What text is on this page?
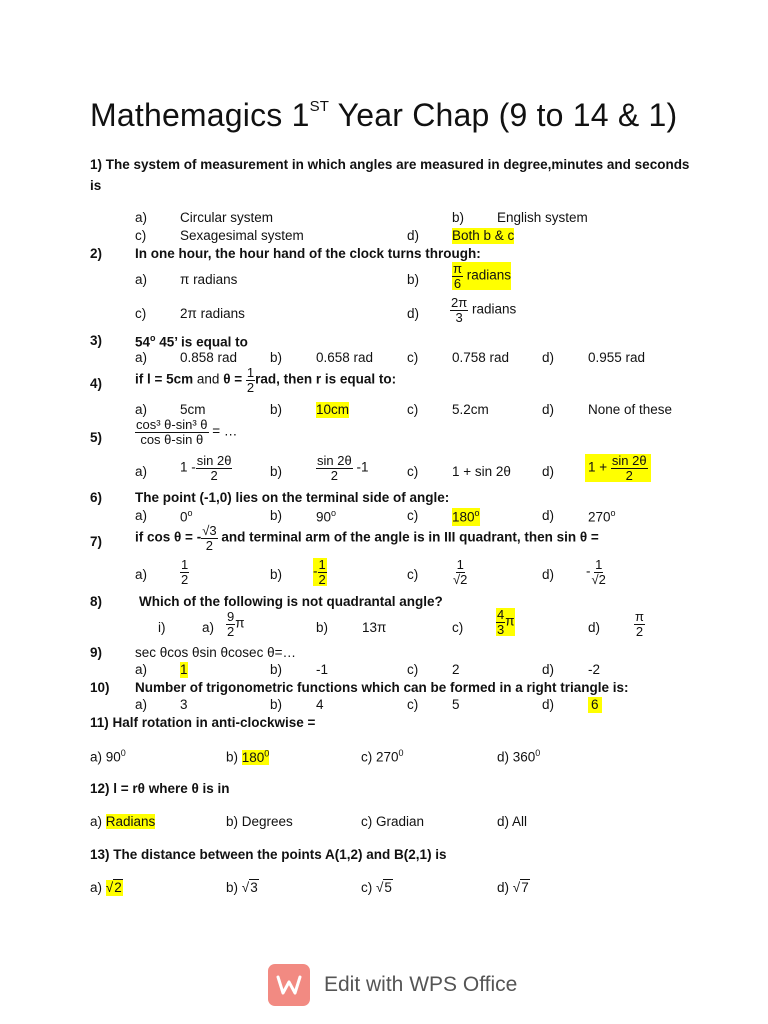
Mathemagics 1ST Year Chap (9 to 14 & 1)
1) The system of measurement in which angles are measured in degree,minutes and seconds
is
a) Circular system	b) English system
c)	Sexagesimal system	d) Both b & c
2) In one hour, the hour hand of the clock turns through:
a) π radians	b)	$\frac{\pi}{6}$ radians
c)	2π radians	$d) \frac{2\pi}{3}$ radians
3) 54$^o$ 45’ is equal to
a) 0.858 rad b)	0.658 rad	c)	0.758 rad d)	0.955 rad
4) if l = 5cm and $\theta = \frac{1}{2}$ rad, then r is equal to:
a) 5cm	b)	10cm	c)	5.2cm	d)	None of these
5)	$\frac{\text{cos³ θ-sin³ θ}}{\text{cos θ-sin θ}}$ = …
a) $1 - \frac{\sin 2\theta}{2}$	b)	$\frac{\sin 2\theta}{2} -1$	c)	1 + sin 2θ d)	$1 + \frac{\sin 2\theta}{2}$
6) The point (-1,0) lies on the terminal side of angle:
a) 0$^o$	b)	90$^o$	c)	180$^o$	d)	270$^o$
7) if cos θ = - $\frac{√3}{2}$ and terminal arm of the angle is in III quadrant, then sin θ =
a)	$\frac{1}{2}$	$b) - \frac{1}{2}$	c)	$\frac{1}{√2}$	$d) - \frac{1}{√2}$
8)	Which of the following is not quadrantal angle?
i)	$a) \frac{9}{2}$ π	b)	13π	c)	$\frac{4}{3}$ π	d)	$\frac{\pi}{2}$
9) sec θcos θsin θcosec θ=…
a) 1	b)	-1	c)	2	d)	-2
10) Number of trigonometric functions which can be formed in a right triangle is:
a) 3	b)	4	c)	5	d)	6
11) Half rotation in anti-clockwise =
a) $90^0$	b) $180^0$	c) $270^0$	d) $360^0$
12) l = rθ where θ is in
a) Radians	b) Degrees	c) Gradian	d) All
13) The distance between the points A(1,2) and B(2,1) is
a) √2	b) √3	c) √5	d) √7
Edit with WPS Office
